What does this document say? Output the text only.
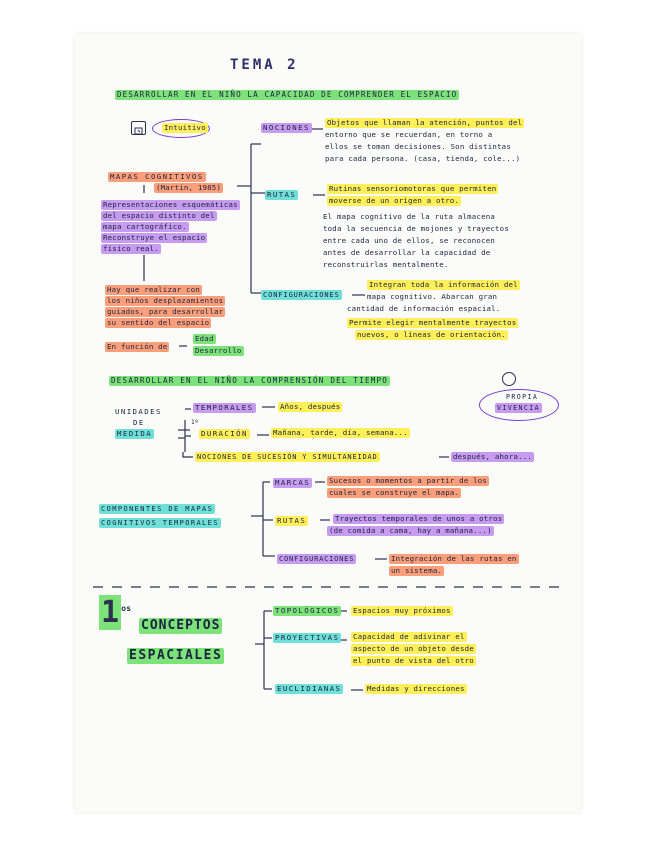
TEMA 2
DESARROLLAR EN EL NIÑO LA CAPACIDAD DE COMPRENDER EL ESPACIO
Intuitivo
MAPAS COGNITIVOS
(Martin, 1985)
Representaciones esquemáticas
del espacio distinto del
mapa cartográfico.
Reconstruye el espacio
físico real.
Hay que realizar con
los niños desplazamientos
guiados, para desarrollar
su sentido del espacio
En función de
Edad
Desarrollo
NOCIONES
Objetos que llaman la atención, puntos del
entorno que se recuerdan, en torno a
ellos se toman decisiones. Son distintas
para cada persona. (casa, tienda, cole...)
RUTAS
Rutinas sensoriomotoras que permiten
moverse de un origen a otro.
El mapa cognitivo de la ruta almacena
toda la secuencia de mojones y trayectos
entre cada uno de ellos, se reconocen
antes de desarrollar la capacidad de
reconstruirlas mentalmente.
CONFIGURACIONES
Integran toda la información del
mapa cognitivo. Abarcan gran
cantidad de información espacial.
Permite elegir mentalmente trayectos
nuevos, o líneas de orientación.
DESARROLLAR EN EL NIÑO LA COMPRENSIÓN DEL TIEMPO
PROPIA
VIVENCIA
UNIDADES
DE
MEDIDA
TEMPORALES	Años, después
1º
DURACIÓN	Mañana, tarde, día, semana...
NOCIONES DE SUCESIÓN Y SIMULTANEIDAD	después, ahora...
COMPONENTES DE MAPAS
COGNITIVOS TEMPORALES
MARCAS	Sucesos o momentos a partir de los
cuales se construye el mapa.
RUTAS	Trayectos temporales de unos a otros
(de comida a cama, hay a mañana...)
CONFIGURACIONES	Integración de las rutas en
un sistema.
1 $^{os}$
CONCEPTOS
ESPACIALES
TOPOLÓGICOS Espacios muy próximos
PROYECTIVAS Capacidad de adivinar el
aspecto de un objeto desde
el punto de vista del otro
EUCLIDIANAS	Medidas y direcciones
